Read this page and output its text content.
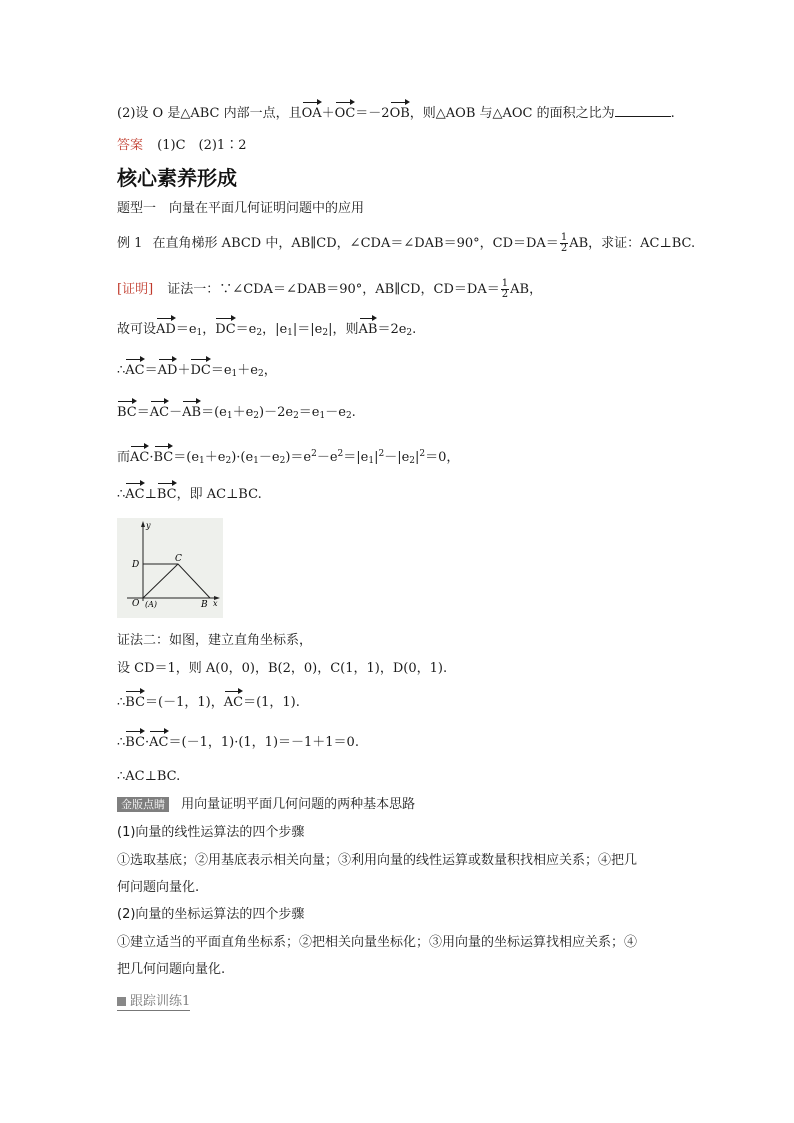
(2)设 O 是△ABC 内部一点，且OA＋OC＝－2OB，则△AOB 与△AOC 的面积之比为	.
答案 (1)C　(2)1∶2
核心素养形成
题型一　向量在平面几何证明问题中的应用
例 1 在直角梯形 ABCD 中，AB∥CD，∠CDA＝∠DAB＝90°，$CD=DA= \frac{1}{2}$ AB，求证：AC⊥BC.
[证明] 证法一：∵∠CDA＝∠DAB＝90°，AB∥CD，$CD=DA= \frac{1}{2}$ AB，
故可设$AD=e_1$，$DC=e_2$，$|e_1|=|e_2|$，则$AB=2e_2$.
$\therefore AC=AD+DC=e_1+e_2$，
$BC=AC-AB=(e_1+e_2)-2e_2=e_1-e_2$.
而$AC\cdot BC=(e_1+e_2)\cdot(e_1-e_2)=e^2-e^2=|e_1|^2-|e_2|^2=0$，
∴AC⊥BC，即 AC⊥BC.
y
D
C
O (A)	B x
证法二：如图，建立直角坐标系，
设 CD＝1，则 A(0，0)，B(2，0)，C(1，1)，D(0，1).
∴BC＝(－1，1)，AC＝(1，1).
∴BC·AC＝(－1，1)·(1，1)＝－1＋1＝0.
∴AC⊥BC.
金版点睛 用向量证明平面几何问题的两种基本思路
(1)向量的线性运算法的四个步骤
①选取基底；②用基底表示相关向量；③利用向量的线性运算或数量积找相应关系；④把几
何问题向量化.
(2)向量的坐标运算法的四个步骤
①建立适当的平面直角坐标系；②把相关向量坐标化；③用向量的坐标运算找相应关系；④
把几何问题向量化.
跟踪训练1
